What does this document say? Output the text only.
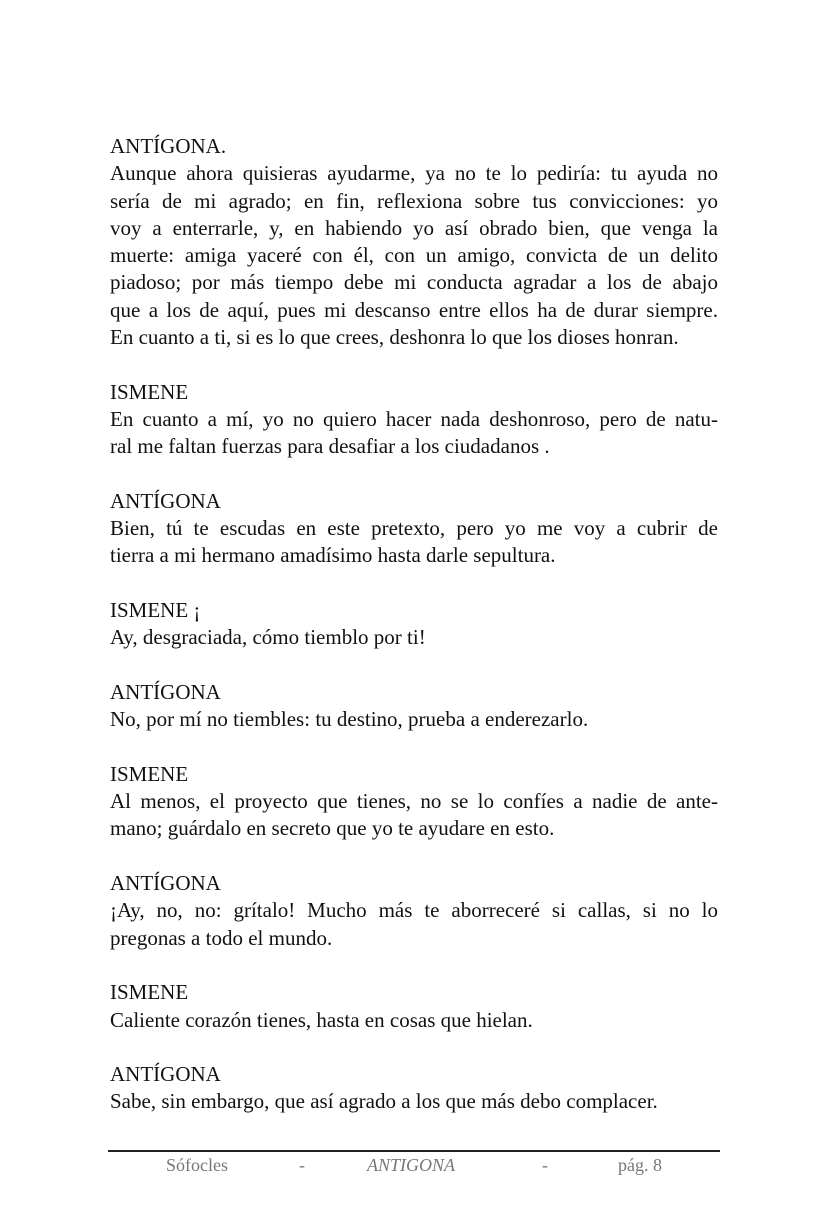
ANTÍGONA.
Aunque ahora quisieras ayudarme, ya no te lo pediría: tu ayuda no
sería de mi agrado; en fin, reflexiona sobre tus convicciones: yo
voy a enterrarle, y, en habiendo yo así obrado bien, que venga la
muerte: amiga yaceré con él, con un amigo, convicta de un delito
piadoso; por más tiempo debe mi conducta agradar a los de abajo
que a los de aquí, pues mi descanso entre ellos ha de durar siempre.
En cuanto a ti, si es lo que crees, deshonra lo que los dioses honran.
ISMENE
En cuanto a mí, yo no quiero hacer nada deshonroso, pero de natu-
ral me faltan fuerzas para desafiar a los ciudadanos .
ANTÍGONA
Bien, tú te escudas en este pretexto, pero yo me voy a cubrir de
tierra a mi hermano amadísimo hasta darle sepultura.
ISMENE ¡
Ay, desgraciada, cómo tiemblo por ti!
ANTÍGONA
No, por mí no tiembles: tu destino, prueba a enderezarlo.
ISMENE
Al menos, el proyecto que tienes, no se lo confíes a nadie de ante-
mano; guárdalo en secreto que yo te ayudare en esto.
ANTÍGONA
¡Ay, no, no: grítalo! Mucho más te aborreceré si callas, si no lo
pregonas a todo el mundo.
ISMENE
Caliente corazón tienes, hasta en cosas que hielan.
ANTÍGONA
Sabe, sin embargo, que así agrado a los que más debo complacer.
Sófocles	-	ANTIGONA	-	pág. 8
